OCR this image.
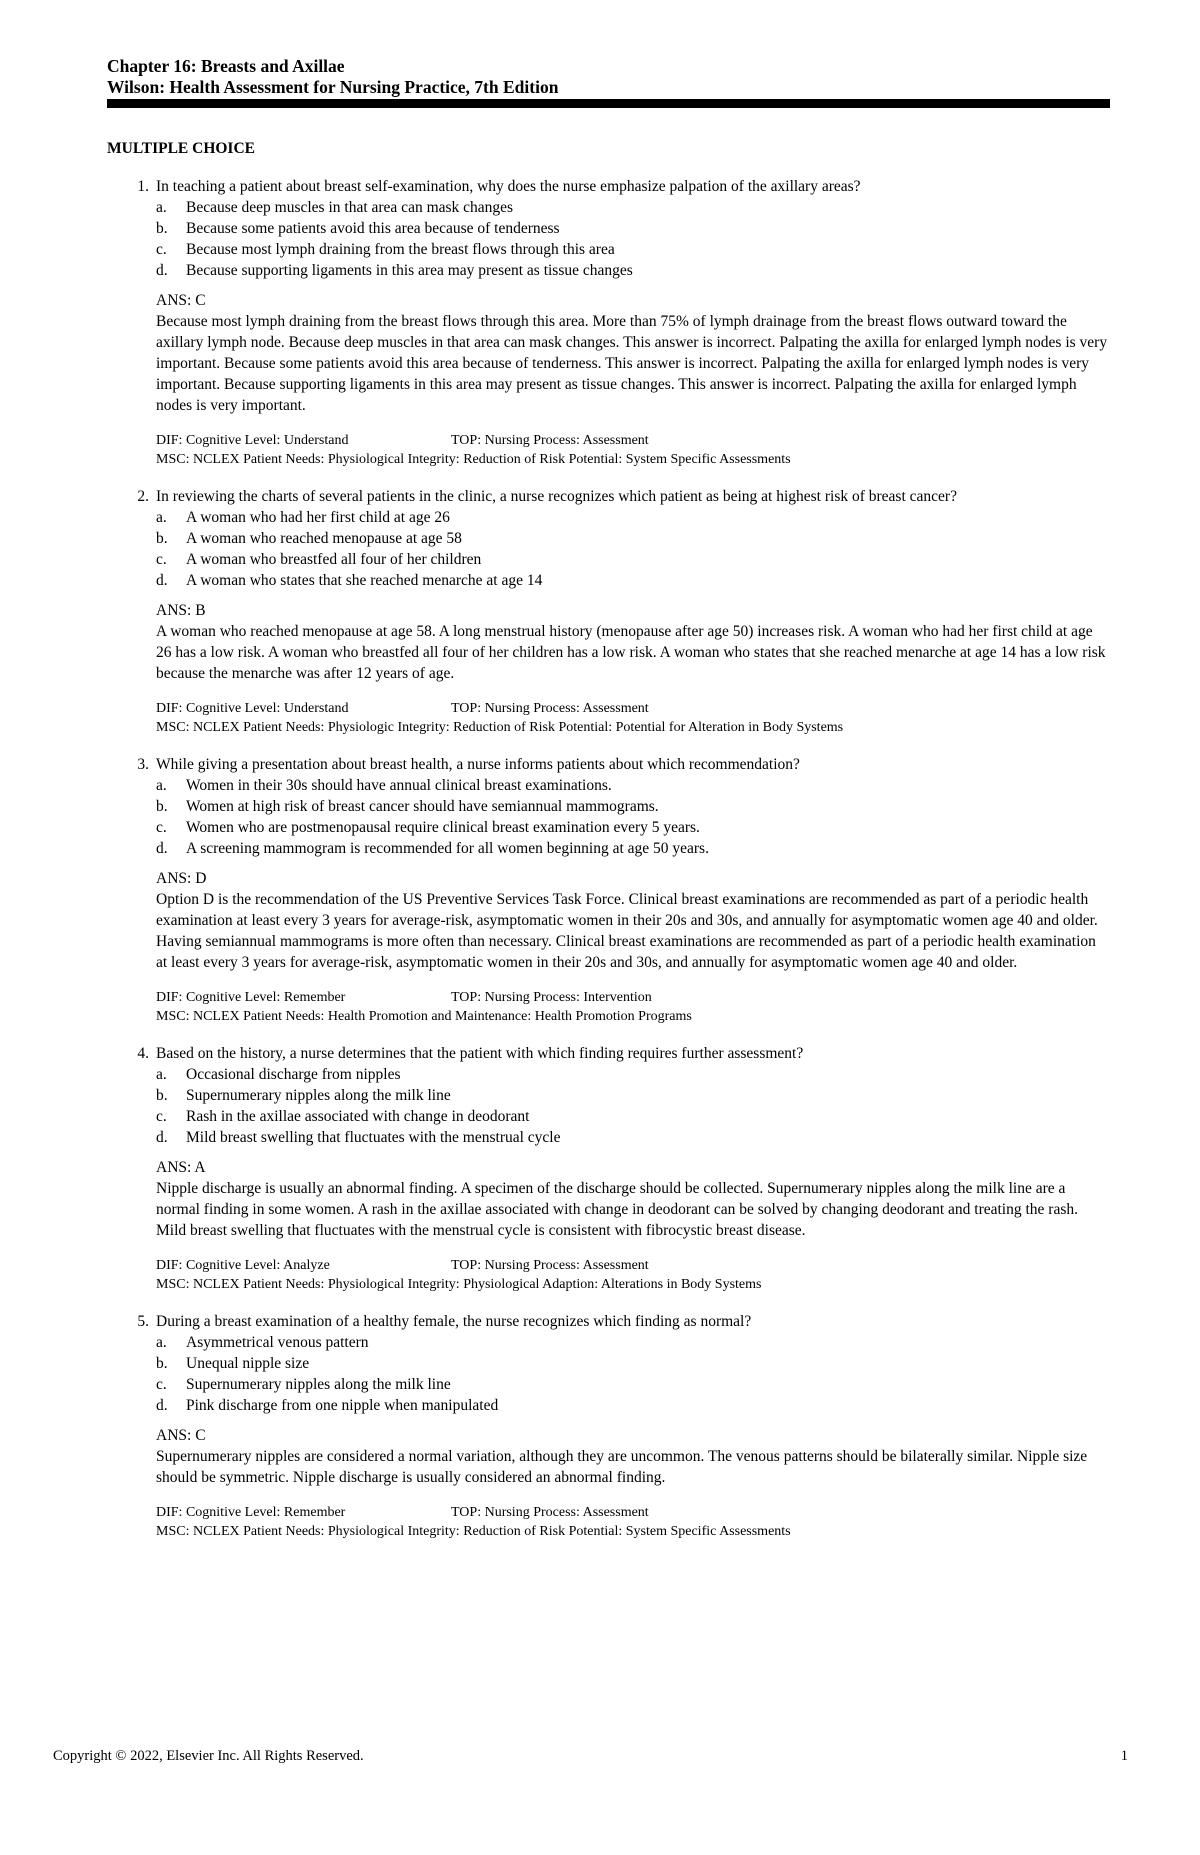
Chapter 16: Breasts and Axillae
Wilson: Health Assessment for Nursing Practice, 7th Edition
MULTIPLE CHOICE
1. In teaching a patient about breast self-examination, why does the nurse emphasize palpation of the axillary areas?
a.	Because deep muscles in that area can mask changes
b.	Because some patients avoid this area because of tenderness
c.	Because most lymph draining from the breast flows through this area
d.	Because supporting ligaments in this area may present as tissue changes
ANS: C
Because most lymph draining from the breast flows through this area. More than 75% of lymph drainage from the breast flows outward toward the axillary lymph node. Because deep muscles in that area can mask changes. This answer is incorrect. Palpating the axilla for enlarged lymph nodes is very important. Because some patients avoid this area because of tenderness. This answer is incorrect. Palpating the axilla for enlarged lymph nodes is very important. Because supporting ligaments in this area may present as tissue changes. This answer is incorrect. Palpating the axilla for enlarged lymph nodes is very important.
DIF: Cognitive Level: Understand	TOP: Nursing Process: Assessment
MSC: NCLEX Patient Needs: Physiological Integrity: Reduction of Risk Potential: System Specific Assessments
2. In reviewing the charts of several patients in the clinic, a nurse recognizes which patient as being at highest risk of breast cancer?
a.	A woman who had her first child at age 26
b.	A woman who reached menopause at age 58
c.	A woman who breastfed all four of her children
d.	A woman who states that she reached menarche at age 14
ANS: B
A woman who reached menopause at age 58. A long menstrual history (menopause after age 50) increases risk. A woman who had her first child at age 26 has a low risk. A woman who breastfed all four of her children has a low risk. A woman who states that she reached menarche at age 14 has a low risk because the menarche was after 12 years of age.
DIF: Cognitive Level: Understand	TOP: Nursing Process: Assessment
MSC: NCLEX Patient Needs: Physiologic Integrity: Reduction of Risk Potential: Potential for Alteration in Body Systems
3. While giving a presentation about breast health, a nurse informs patients about which recommendation?
a.	Women in their 30s should have annual clinical breast examinations.
b.	Women at high risk of breast cancer should have semiannual mammograms.
c.	Women who are postmenopausal require clinical breast examination every 5 years.
d.	A screening mammogram is recommended for all women beginning at age 50 years.
ANS: D
Option D is the recommendation of the US Preventive Services Task Force. Clinical breast examinations are recommended as part of a periodic health examination at least every 3 years for average-risk, asymptomatic women in their 20s and 30s, and annually for asymptomatic women age 40 and older. Having semiannual mammograms is more often than necessary. Clinical breast examinations are recommended as part of a periodic health examination at least every 3 years for average-risk, asymptomatic women in their 20s and 30s, and annually for asymptomatic women age 40 and older.
DIF: Cognitive Level: Remember	TOP: Nursing Process: Intervention
MSC: NCLEX Patient Needs: Health Promotion and Maintenance: Health Promotion Programs
4. Based on the history, a nurse determines that the patient with which finding requires further assessment?
a.	Occasional discharge from nipples
b.	Supernumerary nipples along the milk line
c.	Rash in the axillae associated with change in deodorant
d.	Mild breast swelling that fluctuates with the menstrual cycle
ANS: A
Nipple discharge is usually an abnormal finding. A specimen of the discharge should be collected. Supernumerary nipples along the milk line are a normal finding in some women. A rash in the axillae associated with change in deodorant can be solved by changing deodorant and treating the rash. Mild breast swelling that fluctuates with the menstrual cycle is consistent with fibrocystic breast disease.
DIF: Cognitive Level: Analyze	TOP: Nursing Process: Assessment
MSC: NCLEX Patient Needs: Physiological Integrity: Physiological Adaption: Alterations in Body Systems
5. During a breast examination of a healthy female, the nurse recognizes which finding as normal?
a.	Asymmetrical venous pattern
b.	Unequal nipple size
c.	Supernumerary nipples along the milk line
d.	Pink discharge from one nipple when manipulated
ANS: C
Supernumerary nipples are considered a normal variation, although they are uncommon. The venous patterns should be bilaterally similar. Nipple size should be symmetric. Nipple discharge is usually considered an abnormal finding.
DIF: Cognitive Level: Remember	TOP: Nursing Process: Assessment
MSC: NCLEX Patient Needs: Physiological Integrity: Reduction of Risk Potential: System Specific Assessments
Copyright © 2022, Elsevier Inc. All Rights Reserved.	1
